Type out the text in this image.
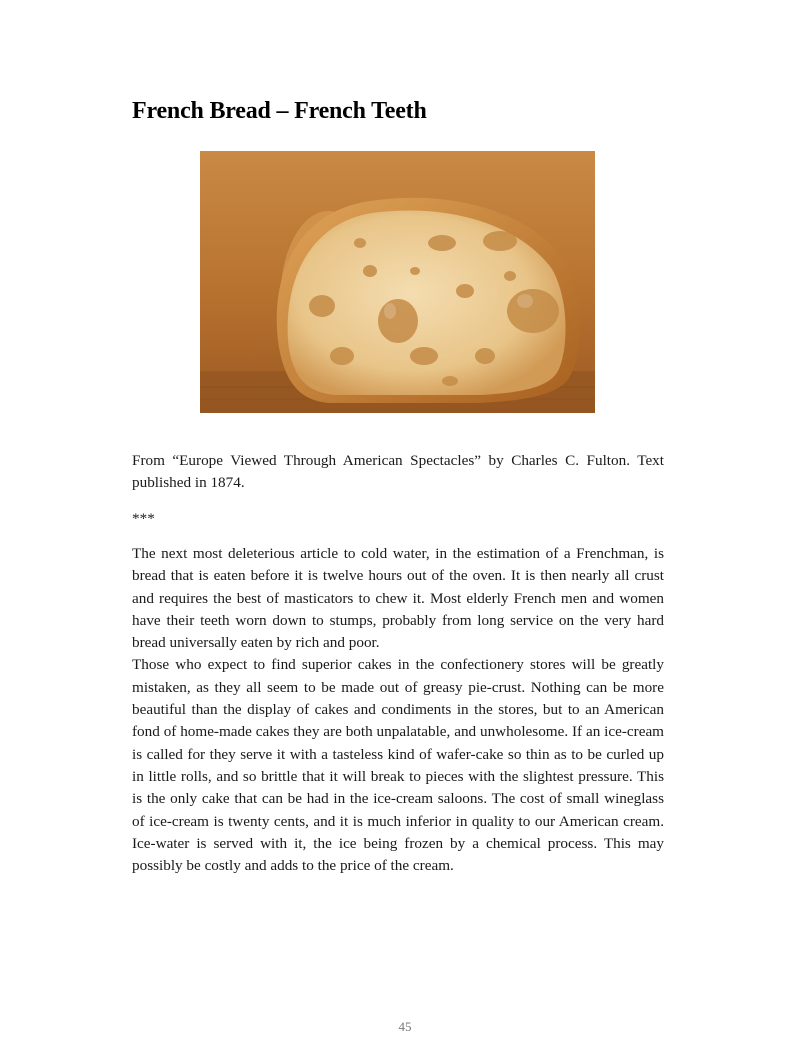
French Bread – French Teeth

From “Europe Viewed Through American Spectacles” by Charles C. Fulton. Text published in 1874.

***

The next most deleterious article to cold water, in the estimation of a Frenchman, is bread that is eaten before it is twelve hours out of the oven. It is then nearly all crust and requires the best of masticators to chew it. Most elderly French men and women have their teeth worn down to stumps, probably from long service on the very hard bread universally eaten by rich and poor.

Those who expect to find superior cakes in the confectionery stores will be greatly mistaken, as they all seem to be made out of greasy pie-crust. Nothing can be more beautiful than the display of cakes and condiments in the stores, but to an American fond of home-made cakes they are both unpalatable, and unwholesome. If an ice-cream is called for they serve it with a tasteless kind of wafer-cake so thin as to be curled up in little rolls, and so brittle that it will break to pieces with the slightest pressure. This is the only cake that can be had in the ice-cream saloons. The cost of small wineglass of ice-cream is twenty cents, and it is much inferior in quality to our American cream. Ice-water is served with it, the ice being frozen by a chemical process. This may possibly be costly and adds to the price of the cream.

45
